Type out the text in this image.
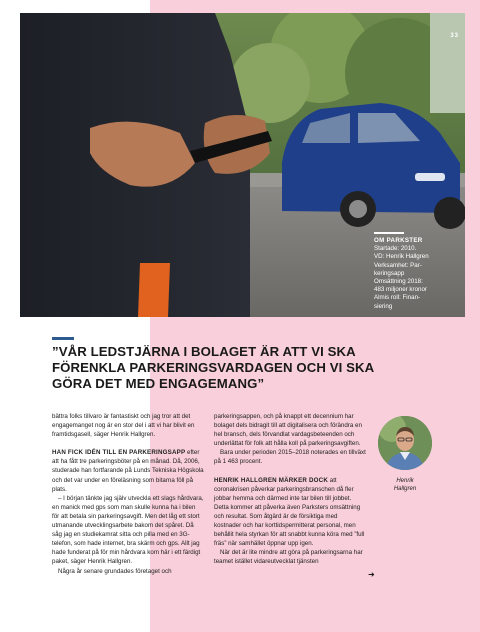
33
OM PARKSTER
Startade: 2010.
VD: Henrik Hallgren
Verksamhet: Par-
keringsapp
Omsättning 2018:
483 miljoner kronor
Almis roll: Finan-
siering
”VÅR LEDSTJÄRNA I BOLAGET ÄR ATT VI SKA FÖRENKLA PARKERINGSVARDAGEN OCH VI SKA GÖRA DET MED ENGAGEMANG”

bättra folks tillvaro är fantastiskt och jag tror att det engagemanget nog är en stor del i att vi har blivit en framtidsgasell, säger Henrik Hallgren.

HAN FICK IDÉN TILL EN PARKERINGSAPP efter att ha fått tre parkeringsböter på en månad. Då, 2006, studerade han fortfarande på Lunds Tekniska Högskola och det var under en föreläsning som bitarna föll på plats.

– I början tänkte jag själv utveckla ett slags hårdvara, en manick med gps som man skulle kunna ha i bilen för att betala sin parkeringsavgift. Men det låg ett stort utmanande utvecklingsarbete bakom det spåret. Då såg jag en studiekamrat sitta och pilla med en 3G-telefon, som hade internet, bra skärm och gps. Allt jag hade funderat på för min hårdvara kom här i ett färdigt paket, säger Henrik Hallgren.

Några år senare grundades företaget och

parkeringsappen, och på knappt ett decennium har bolaget dels bidragit till att digitalisera och förändra en hel bransch, dels förvandlat vardagsbeteenden och underlättat för folk att hålla koll på parkeringsavgiften.

Bara under perioden 2015–2018 noterades en tillväxt på 1 463 procent.

HENRIK HALLGREN MÄRKER DOCK att coronakrisen påverkar parkeringsbranschen då fler jobbar hemma och därmed inte tar bilen till jobbet. Detta kommer att påverka även Parksters omsättning och resultat. Som åtgärd är de försiktiga med kostnader och har korttidspermitterat personal, men behållit hela styrkan för att snabbt kunna köra med ”full fräs” när samhället öppnar upp igen.

När det är lite mindre att göra på parkeringsarna har teamet istället vidareutvecklat tjänsten

➜
Henrik
Hallgren
